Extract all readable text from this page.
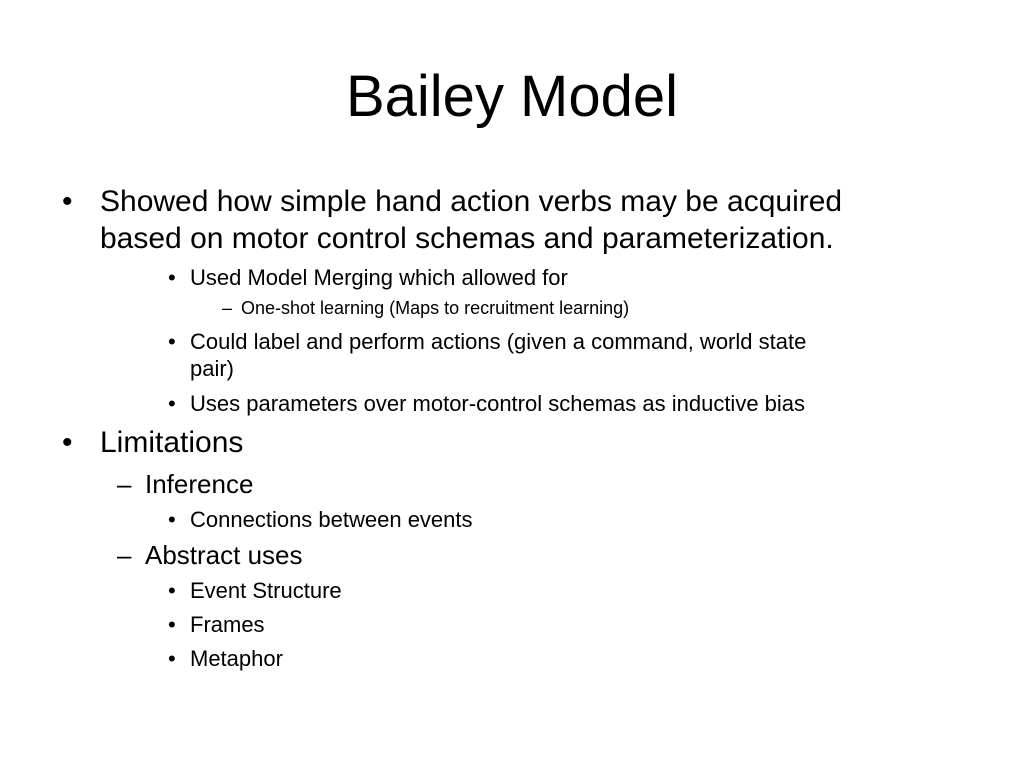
Bailey Model
• Showed how simple hand action verbs may be acquired
based on motor control schemas and parameterization.
• Used Model Merging which allowed for
– One-shot learning (Maps to recruitment learning)
• Could label and perform actions (given a command, world state
pair)
• Uses parameters over motor-control schemas as inductive bias
• Limitations
– Inference
• Connections between events
– Abstract uses
• Event Structure
• Frames
• Metaphor
